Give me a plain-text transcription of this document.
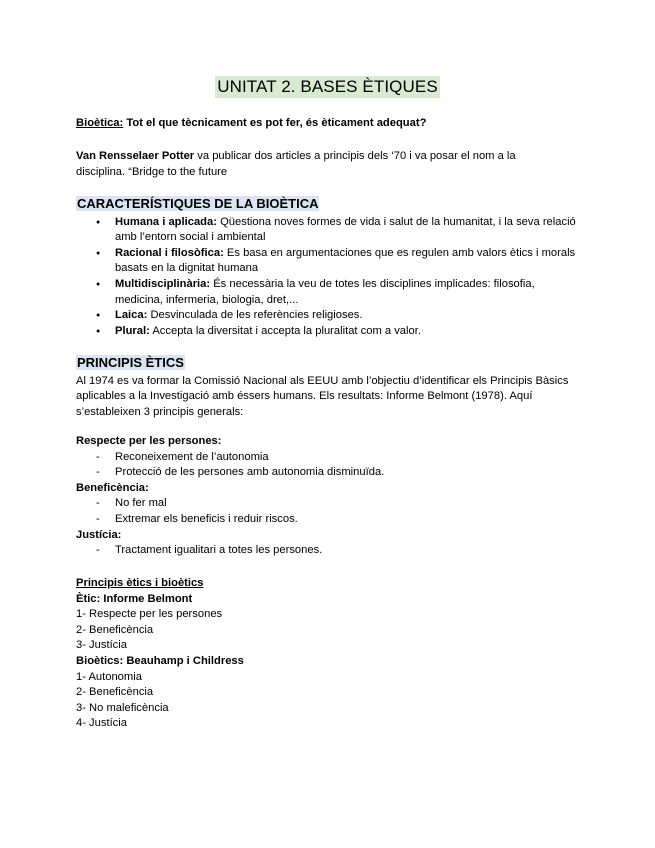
UNITAT 2. BASES ÈTIQUES
Bioètica: Tot el que tècnicament es pot fer, és èticament adequat?
Van Rensselaer Potter va publicar dos articles a principis dels ‘70 i va posar el nom a la disciplina. “Bridge to the future
CARACTERÍSTIQUES DE LA BIOÈTICA
● Humana i aplicada: Qüestiona noves formes de vida i salut de la humanitat, i la seva relació amb l’entorn social i ambiental
● Racional i filosòfica: Es basa en argumentaciones que es regulen amb valors ètics i morals basats en la dignitat humana
● Multidisciplinària: És necessària la veu de totes les disciplines implicades: filosofia, medicina, infermeria, biologia, dret,...
● Laica: Desvinculada de les referències religioses.
● Plural: Accepta la diversitat i accepta la pluralitat com a valor.
PRINCIPIS ÈTICS

Al 1974 es va formar la Comissió Nacional als EEUU amb l’objectiu d’identificar els Principis Bàsics aplicables a la Investigació amb éssers humans. Els resultats: Informe Belmont (1978). Aquí s’estableixen 3 principis generals:

Respecte per les persones:
- Reconeixement de l’autonomia
- Protecció de les persones amb autonomia disminuïda.
Beneficència:
- No fer mal
- Extremar els beneficis i reduir riscos.
Justícia:
- Tractament igualitari a totes les persones.
Principis ètics i bioètics
Ètic: Informe Belmont
1- Respecte per les persones
2- Beneficència
3- Justícia
Bioètics: Beauhamp i Childress
1- Autonomia
2- Beneficència
3- No maleficència
4- Justícia
